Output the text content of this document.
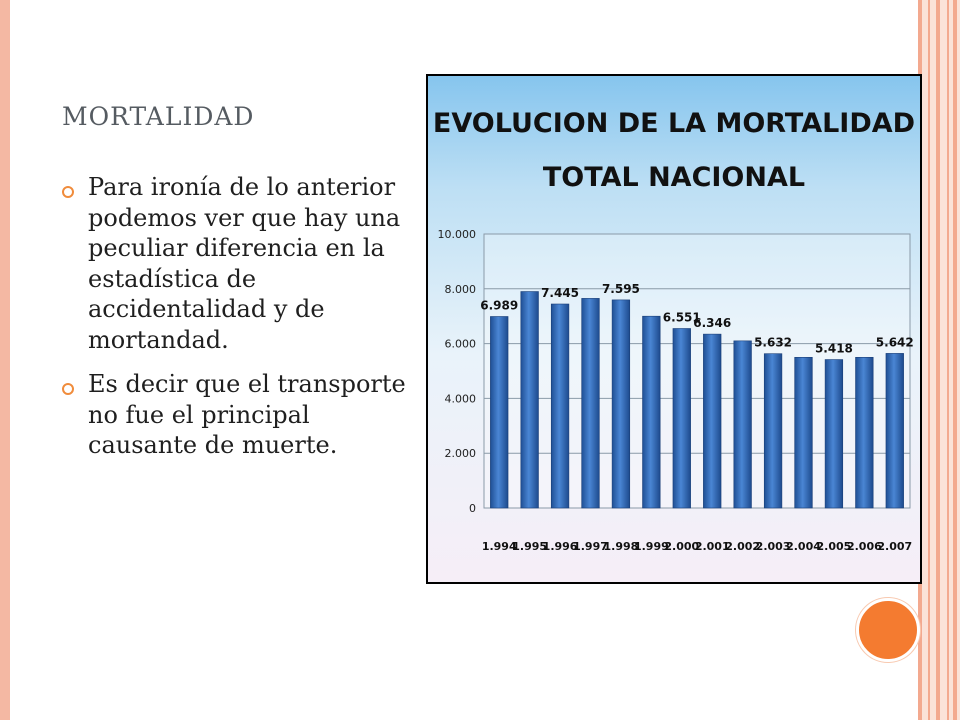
MORTALIDAD
Para ironía de lo anterior podemos ver que hay una peculiar diferencia en la estadística de accidentalidad y de mortandad.
Es decir que el transporte no fue el principal causante de muerte.
EVOLUCION DE LA MORTALIDAD
TOTAL NACIONAL
0
2.000
4.000
6.000
8.000
10.000
6.989
1.994
1.995
7.445
1.996
1.997
7.595
1.998
1.999
6.551
2.000
6.346
2.001
2.002
5.632
2.003
2.004
5.418
2.005
2.006
5.642
2.007
